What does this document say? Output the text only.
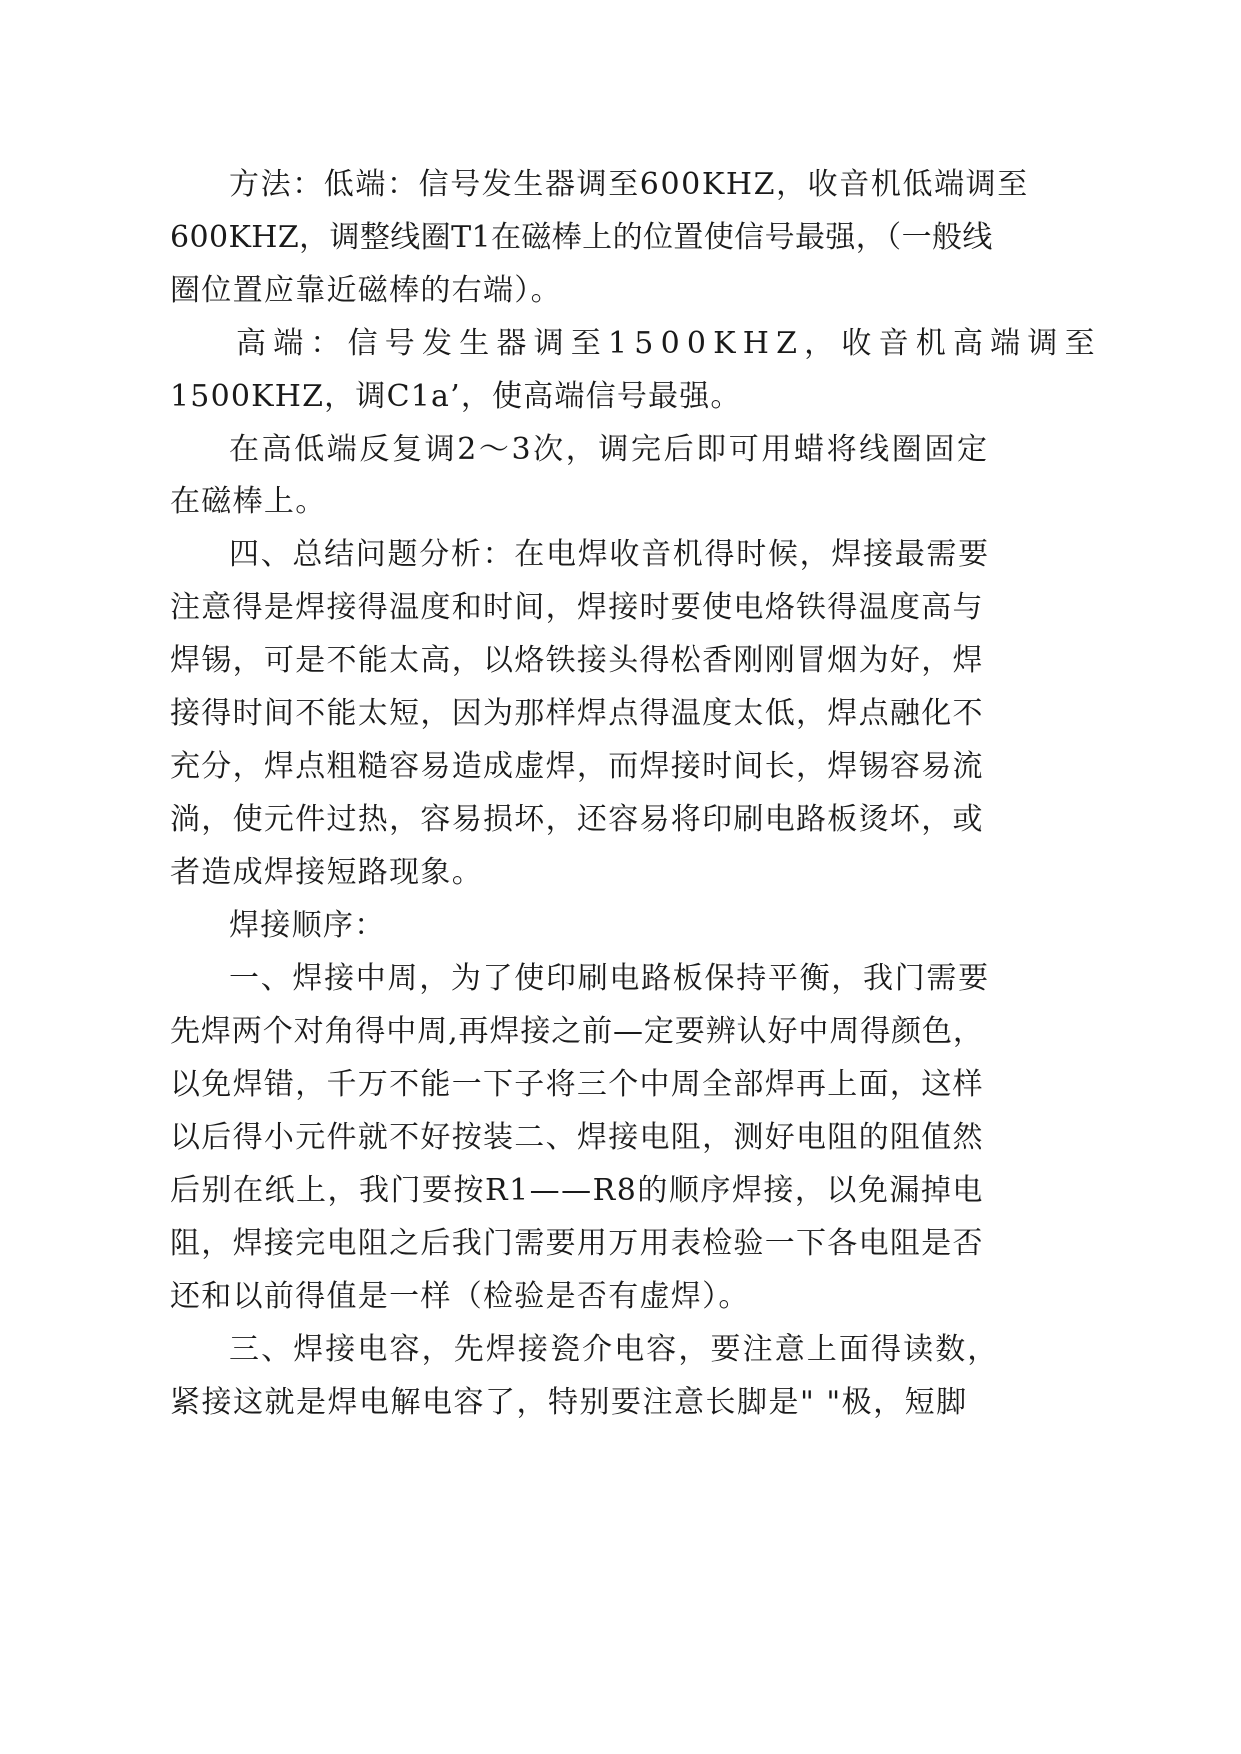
方法：低端：信号发生器调至600KHZ，收音机低端调至
600KHZ，调整线圈T1在磁棒上的位置使信号最强，（一般线
圈位置应靠近磁棒的右端）。
高端：信号发生器调至1500KHZ，收音机高端调至
1500KHZ，调C1a’，使高端信号最强。
在高低端反复调2～3次，调完后即可用蜡将线圈固定
在磁棒上。
四、总结问题分析：在电焊收音机得时候，焊接最需要
注意得是焊接得温度和时间，焊接时要使电烙铁得温度高与
焊锡，可是不能太高，以烙铁接头得松香刚刚冒烟为好，焊
接得时间不能太短，因为那样焊点得温度太低，焊点融化不
充分，焊点粗糙容易造成虚焊，而焊接时间长，焊锡容易流
淌，使元件过热，容易损坏，还容易将印刷电路板烫坏，或
者造成焊接短路现象。
焊接顺序：
一、焊接中周，为了使印刷电路板保持平衡，我门需要
先焊两个对角得中周,再焊接之前—定要辨认好中周得颜色，
以免焊错，千万不能一下子将三个中周全部焊再上面，这样
以后得小元件就不好按装二、焊接电阻，测好电阻的阻值然
后别在纸上，我门要按R1——R8的顺序焊接，以免漏掉电
阻，焊接完电阻之后我门需要用万用表检验一下各电阻是否
还和以前得值是一样（检验是否有虚焊）。
三、焊接电容，先焊接瓷介电容，要注意上面得读数，
紧接这就是焊电解电容了，特别要注意长脚是" "极，短脚
